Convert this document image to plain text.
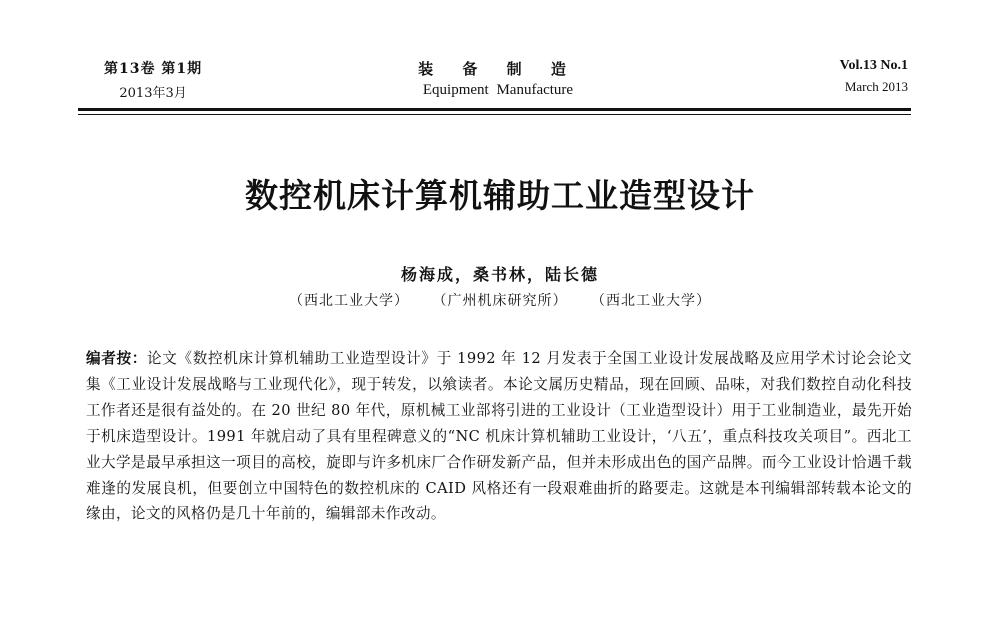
第13卷 第1期
2013年3月
装 备 制 造
Equipment Manufacture
Vol.13 No.1
March 2013
数控机床计算机辅助工业造型设计
杨海成，桑书林，陆长德
（西北工业大学） （广州机床研究所） （西北工业大学）
编者按：论文《数控机床计算机辅助工业造型设计》于 1992 年 12 月发表于全国工业设计发展战略及应用学术讨论会论文集《工业设计发展战略与工业现代化》，现于转发，以飨读者。本论文属历史精品，现在回顾、品味，对我们数控自动化科技工作者还是很有益处的。在 20 世纪 80 年代，原机械工业部将引进的工业设计（工业造型设计）用于工业制造业，最先开始于机床造型设计。1991 年就启动了具有里程碑意义的“NC 机床计算机辅助工业设计，‘八五’，重点科技攻关项目”。西北工业大学是最早承担这一项目的高校，旋即与许多机床厂合作研发新产品，但并未形成出色的国产品牌。而今工业设计恰遇千载难逢的发展良机，但要创立中国特色的数控机床的 CAID 风格还有一段艰难曲折的路要走。这就是本刊编辑部转载本论文的缘由，论文的风格仍是几十年前的，编辑部未作改动。
